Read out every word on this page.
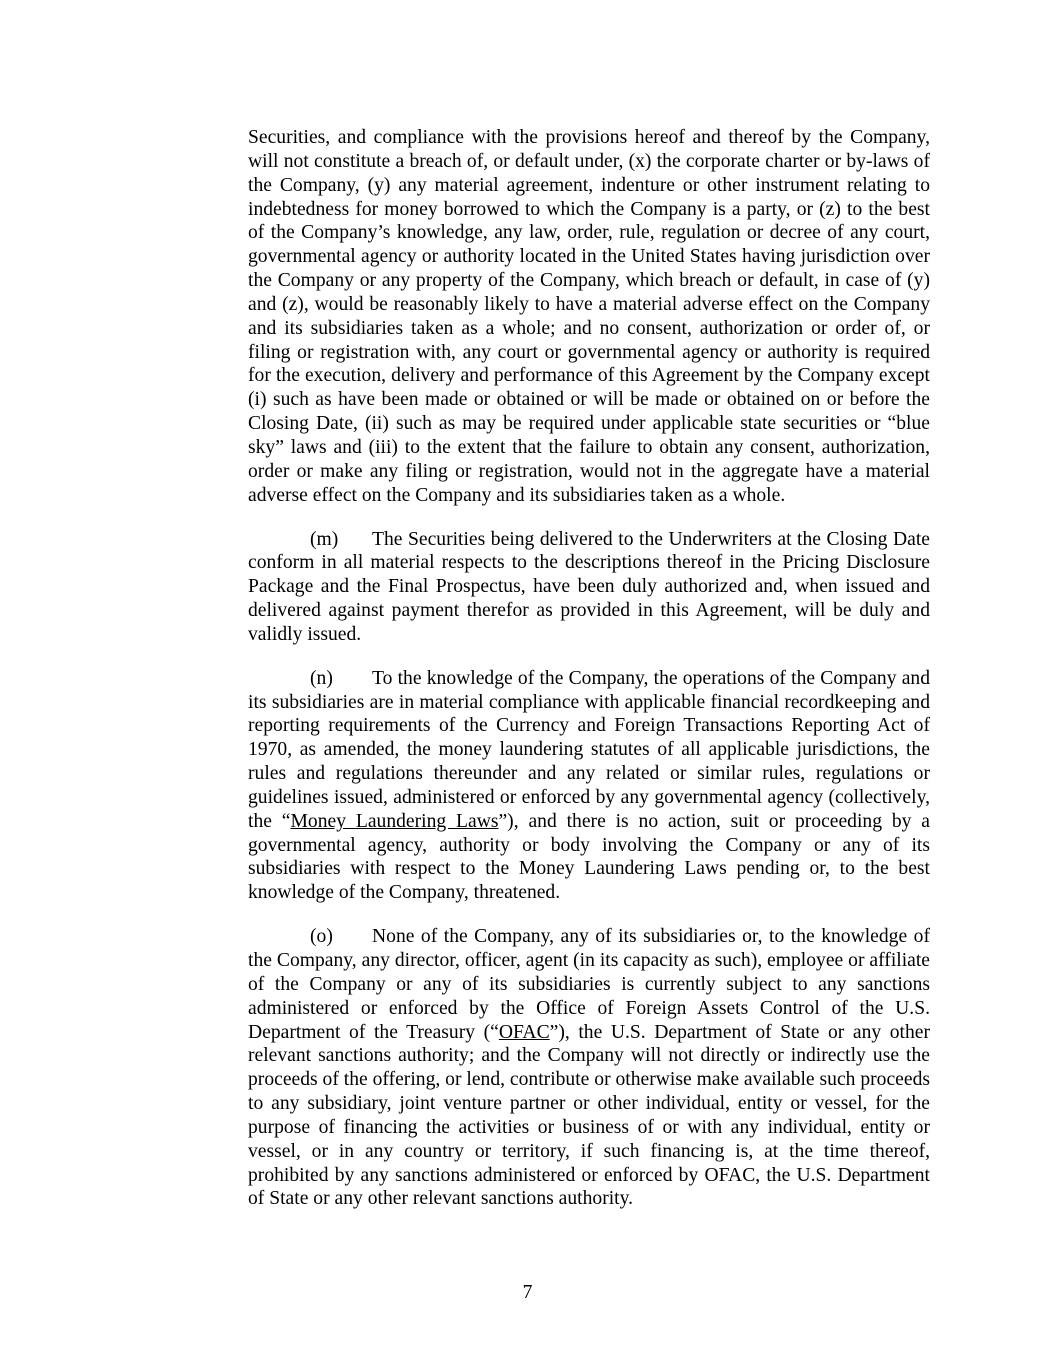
Securities, and compliance with the provisions hereof and thereof by the Company, will not constitute a breach of, or default under, (x) the corporate charter or by-laws of the Company, (y) any material agreement, indenture or other instrument relating to indebtedness for money borrowed to which the Company is a party, or (z) to the best of the Company’s knowledge, any law, order, rule, regulation or decree of any court, governmental agency or authority located in the United States having jurisdiction over the Company or any property of the Company, which breach or default, in case of (y) and (z), would be reasonably likely to have a material adverse effect on the Company and its subsidiaries taken as a whole; and no consent, authorization or order of, or filing or registration with, any court or governmental agency or authority is required for the execution, delivery and performance of this Agreement by the Company except (i) such as have been made or obtained or will be made or obtained on or before the Closing Date, (ii) such as may be required under applicable state securities or “blue sky” laws and (iii) to the extent that the failure to obtain any consent, authorization, order or make any filing or registration, would not in the aggregate have a material adverse effect on the Company and its subsidiaries taken as a whole.

(m) The Securities being delivered to the Underwriters at the Closing Date conform in all material respects to the descriptions thereof in the Pricing Disclosure Package and the Final Prospectus, have been duly authorized and, when issued and delivered against payment therefor as provided in this Agreement, will be duly and validly issued.

(n) To the knowledge of the Company, the operations of the Company and its subsidiaries are in material compliance with applicable financial recordkeeping and reporting requirements of the Currency and Foreign Transactions Reporting Act of 1970, as amended, the money laundering statutes of all applicable jurisdictions, the rules and regulations thereunder and any related or similar rules, regulations or guidelines issued, administered or enforced by any governmental agency (collectively, the “Money Laundering Laws”), and there is no action, suit or proceeding by a governmental agency, authority or body involving the Company or any of its subsidiaries with respect to the Money Laundering Laws pending or, to the best knowledge of the Company, threatened.

(o) None of the Company, any of its subsidiaries or, to the knowledge of the Company, any director, officer, agent (in its capacity as such), employee or affiliate of the Company or any of its subsidiaries is currently subject to any sanctions administered or enforced by the Office of Foreign Assets Control of the U.S. Department of the Treasury (“OFAC”), the U.S. Department of State or any other relevant sanctions authority; and the Company will not directly or indirectly use the proceeds of the offering, or lend, contribute or otherwise make available such proceeds to any subsidiary, joint venture partner or other individual, entity or vessel, for the purpose of financing the activities or business of or with any individual, entity or vessel, or in any country or territory, if such financing is, at the time thereof, prohibited by any sanctions administered or enforced by OFAC, the U.S. Department of State or any other relevant sanctions authority.

7
